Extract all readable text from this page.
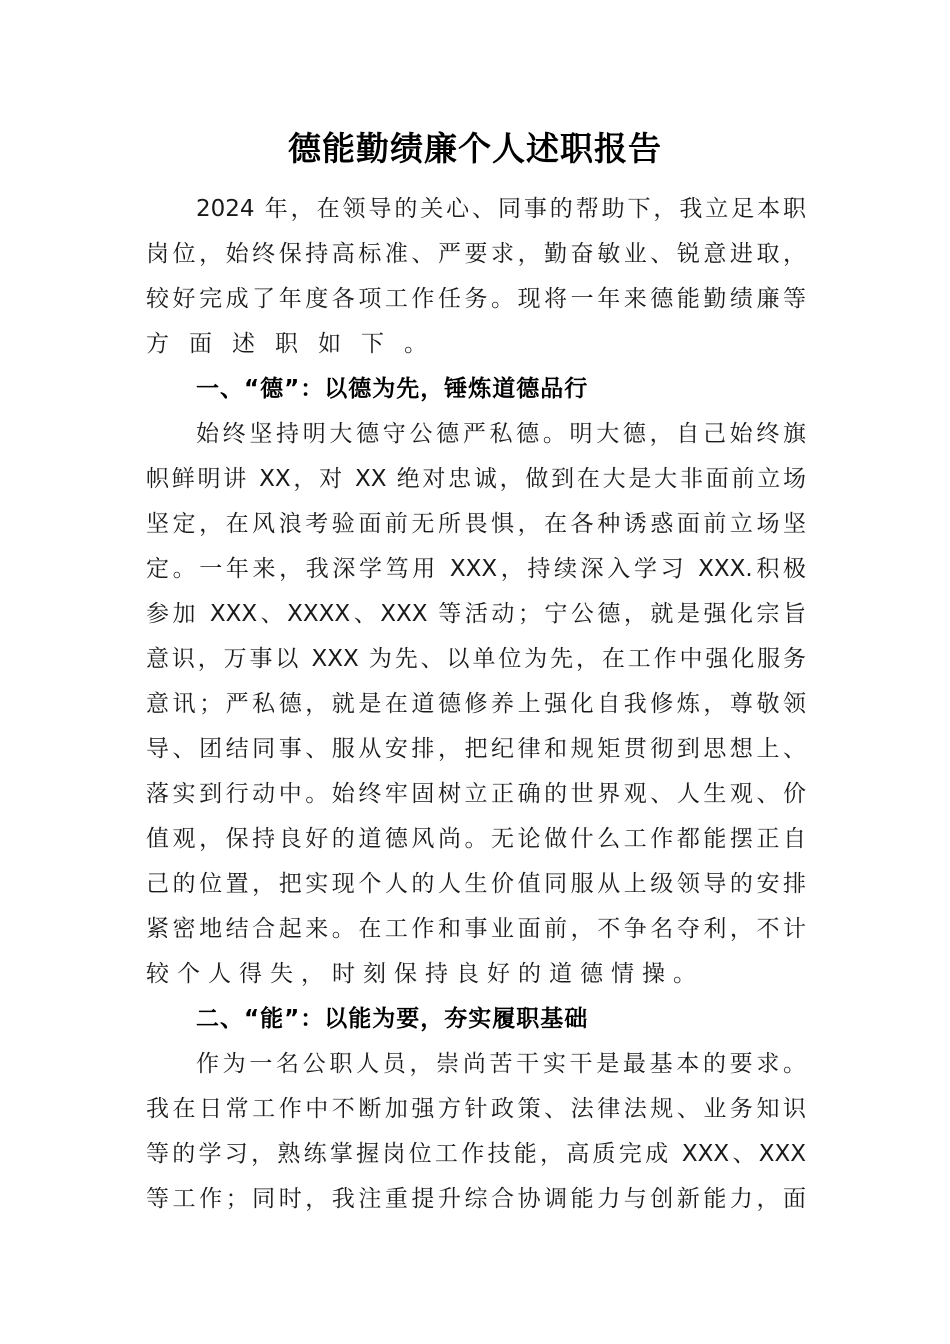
德能勤绩廉个人述职报告
2024 年，在领导的关心、同事的帮助下，我立足本职
岗位，始终保持高标准、严要求，勤奋敏业、锐意进取，
较好完成了年度各项工作任务。现将一年来德能勤绩廉等
方面述职如下。
一、“德”：以德为先，锤炼道德品行
始终坚持明大德守公德严私德。明大德，自己始终旗
帜鲜明讲 XX，对 XX 绝对忠诚，做到在大是大非面前立场
坚定，在风浪考验面前无所畏惧，在各种诱惑面前立场坚
定。一年来，我深学笃用 XXX，持续深入学习 XXX.积极
参加 XXX、XXXX、XXX 等活动；宁公德，就是强化宗旨
意识，万事以 XXX 为先、以单位为先，在工作中强化服务
意讯；严私德，就是在道德修养上强化自我修炼，尊敬领
导、团结同事、服从安排，把纪律和规矩贯彻到思想上、
落实到行动中。始终牢固树立正确的世界观、人生观、价
值观，保持良好的道德风尚。无论做什么工作都能摆正自
己的位置，把实现个人的人生价值同服从上级领导的安排
紧密地结合起来。在工作和事业面前，不争名夺利，不计
较个人得失，时刻保持良好的道德情操。
二、“能”：以能为要，夯实履职基础
作为一名公职人员，崇尚苦干实干是最基本的要求。
我在日常工作中不断加强方针政策、法律法规、业务知识
等的学习，熟练掌握岗位工作技能，高质完成 XXX、XXX
等工作；同时，我注重提升综合协调能力与创新能力，面
